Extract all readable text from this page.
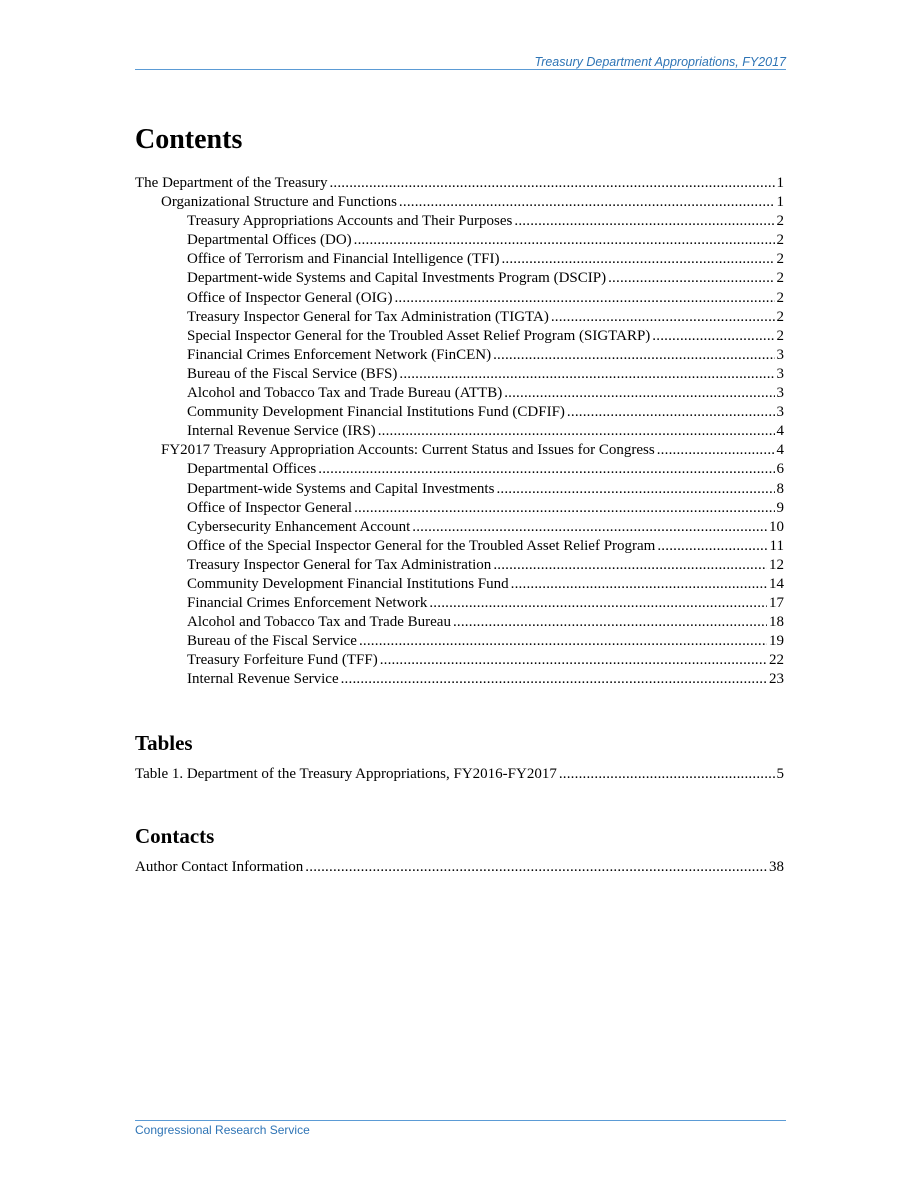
Treasury Department Appropriations, FY2017
Contents
The Department of the Treasury .....	1
Organizational Structure and Functions .....	1
Treasury Appropriations Accounts and Their Purposes .....	2
Departmental Offices (DO) .....	2
Office of Terrorism and Financial Intelligence (TFI) .....	2
Department-wide Systems and Capital Investments Program (DSCIP) .....	2
Office of Inspector General (OIG) .....	2
Treasury Inspector General for Tax Administration (TIGTA) .....	2
Special Inspector General for the Troubled Asset Relief Program (SIGTARP) .....	2
Financial Crimes Enforcement Network (FinCEN) .....	3
Bureau of the Fiscal Service (BFS) .....	3
Alcohol and Tobacco Tax and Trade Bureau (ATTB) .....	3
Community Development Financial Institutions Fund (CDFIF) .....	3
Internal Revenue Service (IRS) .....	4
FY2017 Treasury Appropriation Accounts: Current Status and Issues for Congress .....	4
Departmental Offices .....	6
Department-wide Systems and Capital Investments .....	8
Office of Inspector General .....	9
Cybersecurity Enhancement Account .....	10
Office of the Special Inspector General for the Troubled Asset Relief Program .....	11
Treasury Inspector General for Tax Administration .....	12
Community Development Financial Institutions Fund .....	14
Financial Crimes Enforcement Network .....	17
Alcohol and Tobacco Tax and Trade Bureau .....	18
Bureau of the Fiscal Service .....	19
Treasury Forfeiture Fund (TFF) .....	22
Internal Revenue Service .....	23
Tables
Table 1. Department of the Treasury Appropriations, FY2016-FY2017 .....	5
Contacts
Author Contact Information .....	38
Congressional Research Service
